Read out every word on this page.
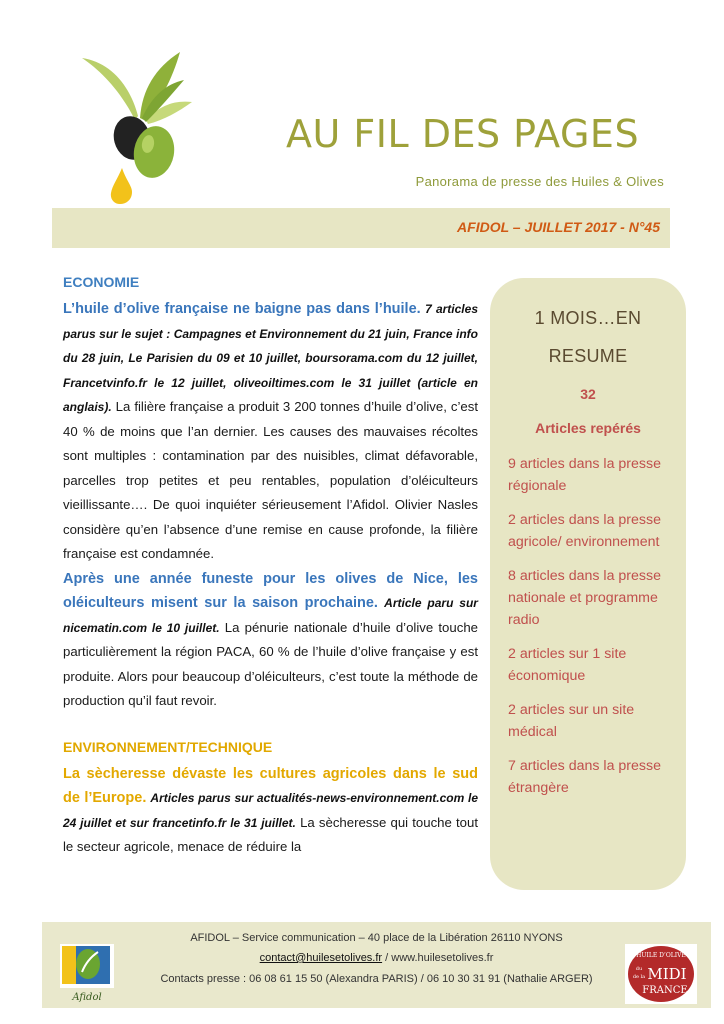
AU FIL DES PAGES
Panorama de presse des Huiles & Olives
AFIDOL – JUILLET 2017 - N°45
ECONOMIE

L’huile d’olive française ne baigne pas dans l’huile. 7 articles parus sur le sujet : Campagnes et Environnement du 21 juin, France info du 28 juin, Le Parisien du 09 et 10 juillet, boursorama.com du 12 juillet, Francetvinfo.fr le 12 juillet, oliveoiltimes.com le 31 juillet (article en anglais). La filière française a produit 3 200 tonnes d’huile d’olive, c’est 40 % de moins que l’an dernier. Les causes des mauvaises récoltes sont multiples : contamination par des nuisibles, climat défavorable, parcelles trop petites et peu rentables, population d’oléiculteurs vieillissante…. De quoi inquiéter sérieusement l’Afidol. Olivier Nasles considère qu’en l’absence d’une remise en cause profonde, la filière française est condamnée.

Après une année funeste pour les olives de Nice, les oléiculteurs misent sur la saison prochaine. Article paru sur nicematin.com le 10 juillet. La pénurie nationale d’huile d’olive touche particulièrement la région PACA, 60 % de l’huile d’olive française y est produite. Alors pour beaucoup d’oléiculteurs, c’est toute la méthode de production qu’il faut revoir.

ENVIRONNEMENT/TECHNIQUE

La sècheresse dévaste les cultures agricoles dans le sud de l’Europe. Articles parus sur actualités-news-environnement.com le 24 juillet et sur francetinfo.fr le 31 juillet. La sècheresse qui touche tout le secteur agricole, menace de réduire la

1 MOIS…EN
RESUME
32
Articles repérés
9 articles dans la presse régionale
2 articles dans la presse agricole/ environnement
8 articles dans la presse nationale et programme radio
2 articles sur 1 site économique
2 articles sur un site médical
7 articles dans la presse étrangère
AFIDOL – Service communication – 40 place de la Libération 26110 NYONS
contact@huilesetolives.fr / www.huilesetolives.fr
Contacts presse : 06 08 61 15 50 (Alexandra PARIS) / 06 10 30 31 91 (Nathalie ARGER)
Afidol
HUILE D’OLIVE
du
de la MIDI
FRANCE
